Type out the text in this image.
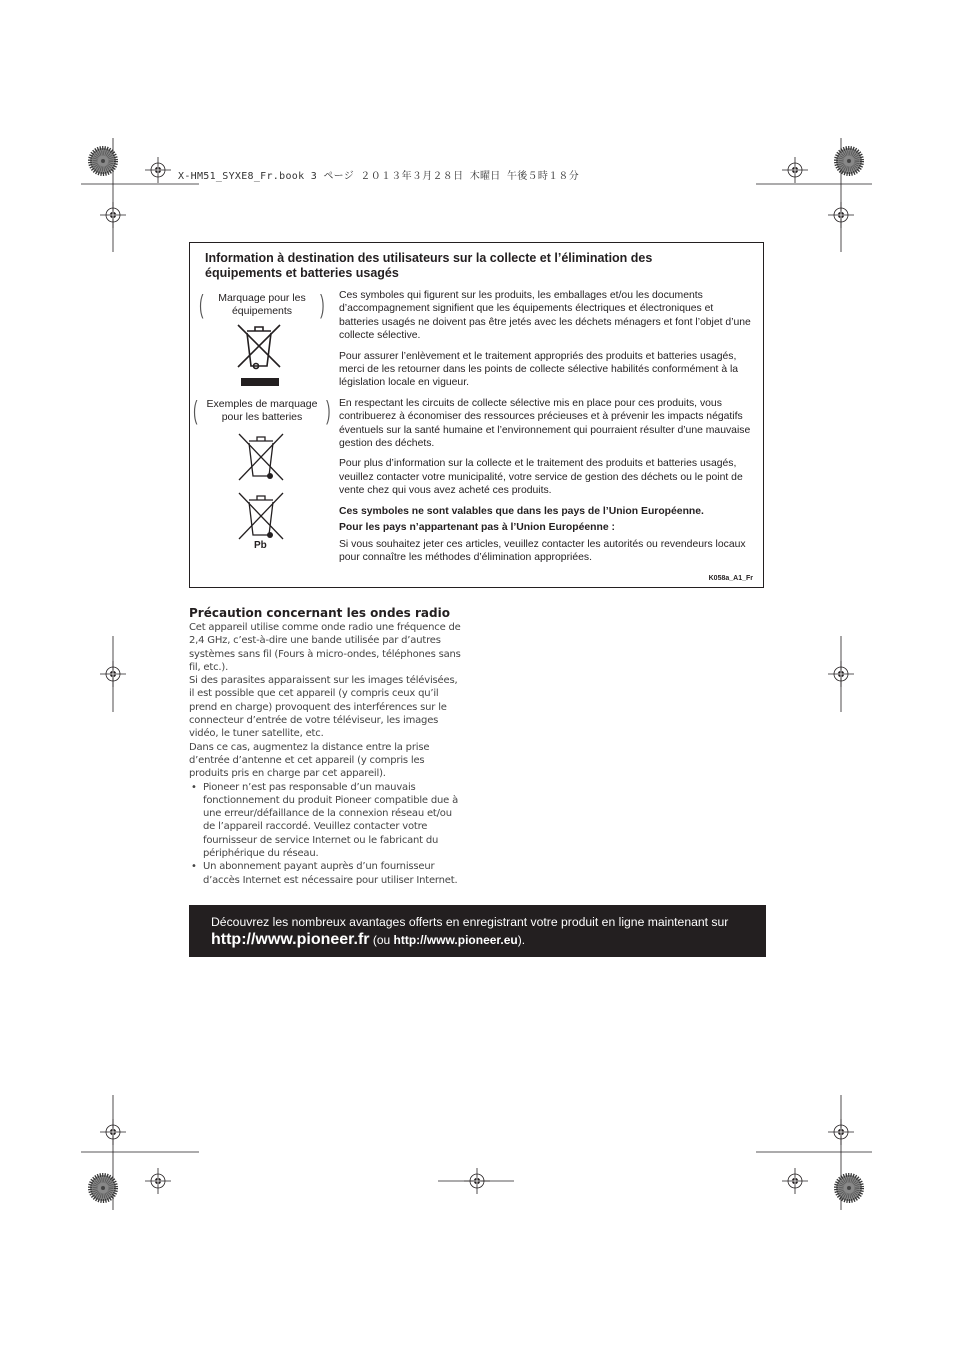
X-HM51_SYXE8_Fr.book 3 ページ ２０１３年３月２８日 木曜日 午後５時１８分
Information à destination des utilisateurs sur la collecte et l’élimination des équipements et batteries usagés
( Marquage pour les équipements )
( Exemples de marquage pour les batteries )
Pb

Ces symboles qui figurent sur les produits, les emballages et/ou les documents d’accompagnement signifient que les équipements électriques et électroniques et batteries usagés ne doivent pas être jetés avec les déchets ménagers et font l’objet d’une collecte sélective.

Pour assurer l’enlèvement et le traitement appropriés des produits et batteries usagés, merci de les retourner dans les points de collecte sélective habilités conformément à la législation locale en vigueur.

En respectant les circuits de collecte sélective mis en place pour ces produits, vous contribuerez à économiser des ressources précieuses et à prévenir les impacts négatifs éventuels sur la santé humaine et l’environnement qui pourraient résulter d’une mauvaise gestion des déchets.

Pour plus d’information sur la collecte et le traitement des produits et batteries usagés, veuillez contacter votre municipalité, votre service de gestion des déchets ou le point de vente chez qui vous avez acheté ces produits.

Ces symboles ne sont valables que dans les pays de l’Union Européenne.

Pour les pays n’appartenant pas à l’Union Européenne :

Si vous souhaitez jeter ces articles, veuillez contacter les autorités ou revendeurs locaux pour connaître les méthodes d’élimination appropriées.

K058a_A1_Fr
Précaution concernant les ondes radio

Cet appareil utilise comme onde radio une fréquence de 2,4 GHz, c’est-à-dire une bande utilisée par d’autres systèmes sans fil (Fours à micro-ondes, téléphones sans fil, etc.).

Si des parasites apparaissent sur les images télévisées, il est possible que cet appareil (y compris ceux qu’il prend en charge) provoquent des interférences sur le connecteur d’entrée de votre téléviseur, les images vidéo, le tuner satellite, etc.

Dans ce cas, augmentez la distance entre la prise d’entrée d’antenne et cet appareil (y compris les produits pris en charge par cet appareil).

• Pioneer n’est pas responsable d’un mauvais fonctionnement du produit Pioneer compatible due à une erreur/défaillance de la connexion réseau et/ou de l’appareil raccordé. Veuillez contacter votre fournisseur de service Internet ou le fabricant du périphérique du réseau.
• Un abonnement payant auprès d’un fournisseur d’accès Internet est nécessaire pour utiliser Internet.
Découvrez les nombreux avantages offerts en enregistrant votre produit en ligne maintenant sur
http://www.pioneer.fr (ou http://www.pioneer.eu).
